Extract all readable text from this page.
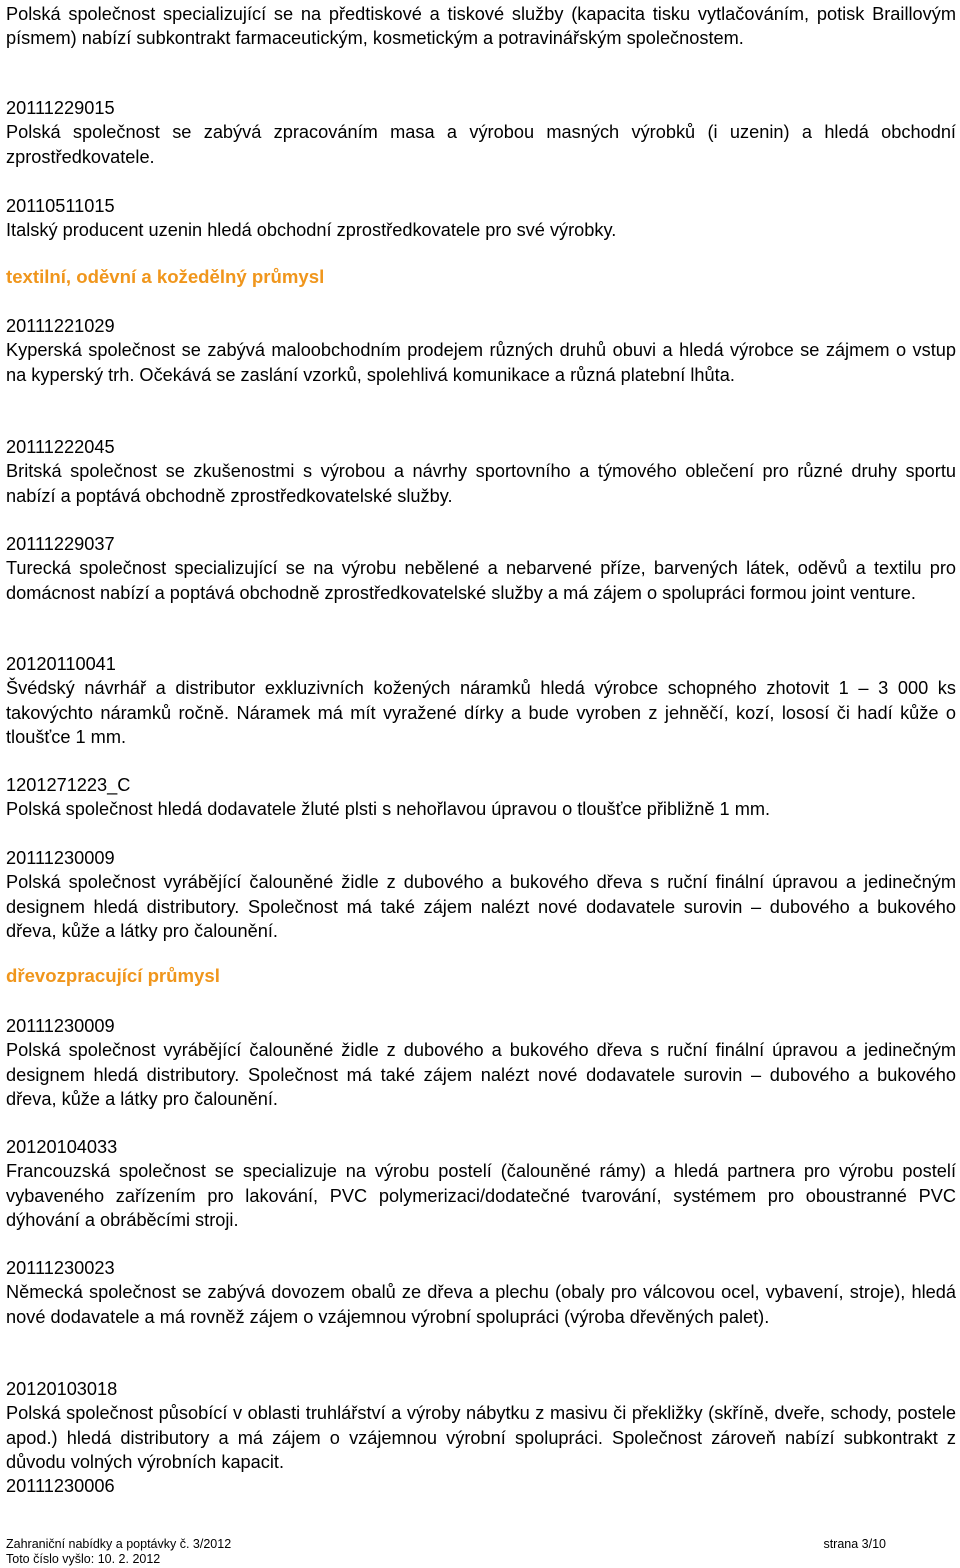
Polská společnost specializující se na předtiskové a tiskové služby (kapacita tisku vytlačováním, potisk Braillovým písmem) nabízí subkontrakt farmaceutickým, kosmetickým a potravinářským společnostem.

20111229015

Polská společnost se zabývá zpracováním masa a výrobou masných výrobků (i uzenin) a hledá obchodní zprostředkovatele.

20110511015

Italský producent uzenin hledá obchodní zprostředkovatele pro své výrobky.

textilní, oděvní a kožedělný průmysl

20111221029

Kyperská společnost se zabývá maloobchodním prodejem různých druhů obuvi a hledá výrobce se zájmem o vstup na kyperský trh. Očekává se zaslání vzorků, spolehlivá komunikace a různá platební lhůta.

20111222045

Britská společnost se zkušenostmi s výrobou a návrhy sportovního a týmového oblečení pro různé druhy sportu nabízí a poptává obchodně zprostředkovatelské služby.

20111229037

Turecká společnost specializující se na výrobu nebělené a nebarvené příze, barvených látek, oděvů a textilu pro domácnost nabízí a poptává obchodně zprostředkovatelské služby a má zájem o spolupráci formou joint venture.

20120110041

Švédský návrhář a distributor exkluzivních kožených náramků hledá výrobce schopného zhotovit 1 – 3 000 ks takovýchto náramků ročně. Náramek má mít vyražené dírky a bude vyroben z jehněčí, kozí, lososí či hadí kůže o tloušťce 1 mm.

1201271223_C

Polská společnost hledá dodavatele žluté plsti s nehořlavou úpravou o tloušťce přibližně 1 mm.

20111230009

Polská společnost vyrábějící čalouněné židle z dubového a bukového dřeva s ruční finální úpravou a jedinečným designem hledá distributory. Společnost má také zájem nalézt nové dodavatele surovin – dubového a bukového dřeva, kůže a látky pro čalounění.

dřevozpracující průmysl

20111230009

Polská společnost vyrábějící čalouněné židle z dubového a bukového dřeva s ruční finální úpravou a jedinečným designem hledá distributory. Společnost má také zájem nalézt nové dodavatele surovin – dubového a bukového dřeva, kůže a látky pro čalounění.

20120104033

Francouzská společnost se specializuje na výrobu postelí (čalouněné rámy) a hledá partnera pro výrobu postelí vybaveného zařízením pro lakování, PVC polymerizaci/dodatečné tvarování, systémem pro oboustranné PVC dýhování a obráběcími stroji.

20111230023

Německá společnost se zabývá dovozem obalů ze dřeva a plechu (obaly pro válcovou ocel, vybavení, stroje), hledá nové dodavatele a má rovněž zájem o vzájemnou výrobní spolupráci (výroba dřevěných palet).

20120103018

Polská společnost působící v oblasti truhlářství a výroby nábytku z masivu či překližky (skříně, dveře, schody, postele apod.) hledá distributory a má zájem o vzájemnou výrobní spolupráci. Společnost zároveň nabízí subkontrakt z důvodu volných výrobních kapacit.

20111230006

Zahraniční nabídky a poptávky č. 3/2012	strana 3/10
Toto číslo vyšlo: 10. 2. 2012
